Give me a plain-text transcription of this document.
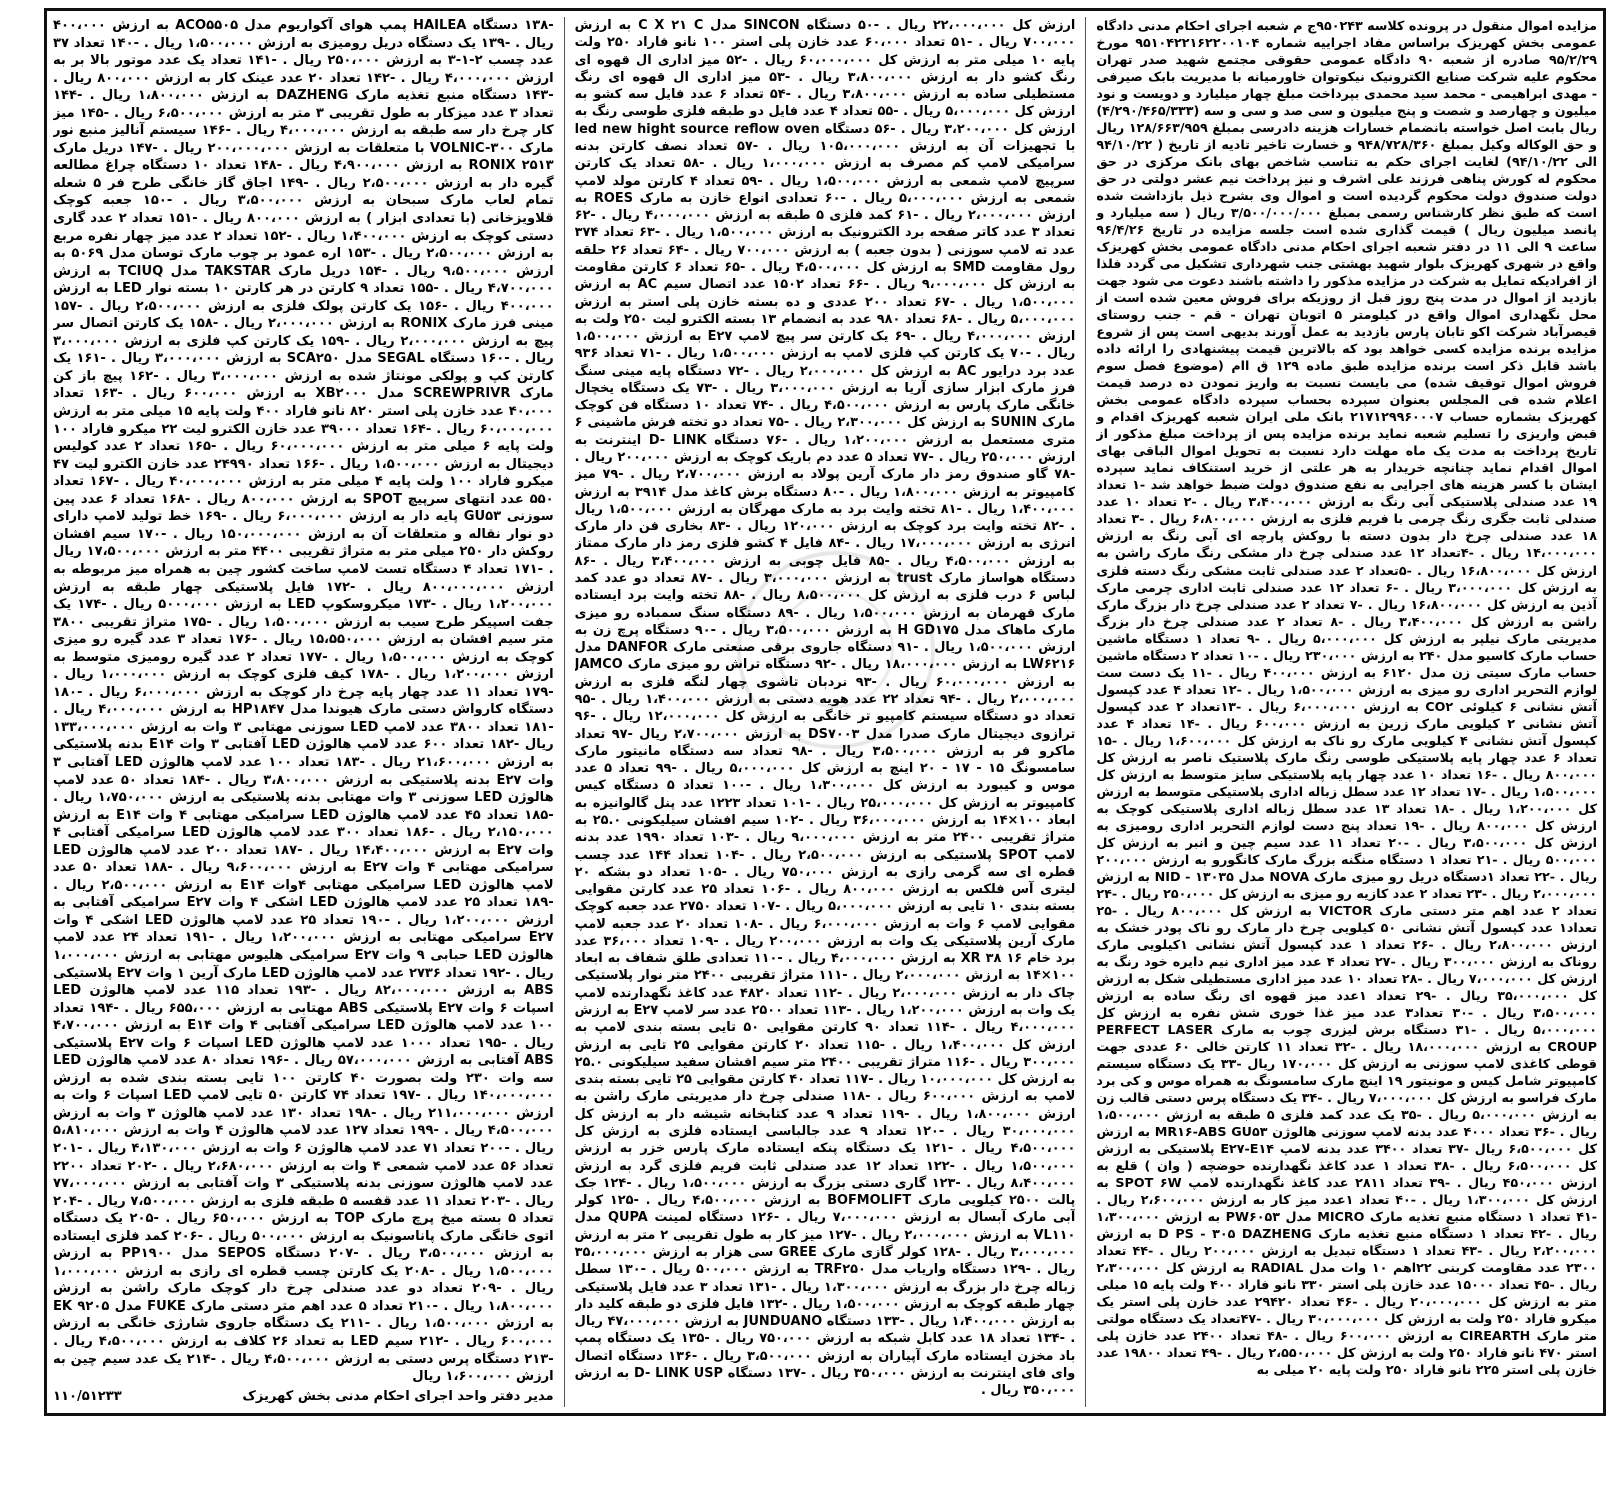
مزایده اموال منقول در پرونده کلاسه ۹۵۰۲۴۳ج م شعبه اجرای احکام مدنی دادگاه عمومی بخش کهریزک براساس مفاد اجراییه شماره ۹۵۱۰۴۲۲۱۶۲۲۰۰۱۰۴ مورخ ۹۵/۲/۲۹ صادره از شعبه ۹۰ دادگاه عمومی حقوقی مجتمع شهید صدر تهران محکوم علیه شرکت صنایع الکترونیک نیکوتوان خاورمیانه با مدیریت بابک صیرفی - مهدی ابراهیمی - محمد سید محمدی بپرداخت مبلغ چهار میلیارد و دویست و نود میلیون و چهارصد و شصت و پنج میلیون و سی صد و سی و سه (۴/۲۹۰/۴۶۵/۳۳۳) ریال بابت اصل خواسته بانضمام خسارات هزینه دادرسی بمبلغ ۱۲۸/۶۶۳/۹۵۹ ریال و حق الوکاله وکیل بمبلغ ۹۴۸/۷۲۸/۳۶۰ و خسارت تاخیر تادیه از تاریخ ( ۹۴/۱۰/۲۲ الی ۹۴/۱۰/۲۲) لغایت اجرای حکم به تناسب شاخص بهای بانک مرکزی در حق محکوم له کورش پناهی فرزند علی اشرف و نیز پرداخت نیم عشر دولتی در حق دولت صندوق دولت محکوم گردیده است و اموال وی بشرح ذیل بازداشت شده است که طبق نظر کارشناس رسمی بمبلغ ۳/۵۰۰/۰۰۰/۰۰۰ ریال ( سه میلیارد و پانصد میلیون ریال ) قیمت گذاری شده است جلسه مزایده در تاریخ ۹۶/۴/۲۶ ساعت ۹ الی ۱۱ در دفتر شعبه اجرای احکام مدنی دادگاه عمومی بخش کهریزک واقع در شهری کهریزک بلوار شهید بهشتی جنب شهرداری تشکیل می گردد فلذا از افرادیکه تمایل به شرکت در مزایده مذکور را داشته باشند دعوت می شود جهت بازدید از اموال در مدت پنج روز قبل از روزیکه برای فروش معین شده است از محل نگهداری اموال واقع در کیلومتر ۵ اتوبان تهران - قم - جنب روستای قیصرآباد شرکت اکو تابان پارس بازدید به عمل آورند بدیهی است پس از شروع مزایده برنده مزایده کسی خواهد بود که بالاترین قیمت پیشنهادی را ارائه داده باشد قابل ذکر است برنده مزایده طبق ماده ۱۲۹ ق اام (موضوع فصل سوم فروش اموال توقیف شده) می بایست نسبت به واریز نمودن ده درصد قیمت اعلام شده فی المجلس بعنوان سپرده بحساب سپرده دادگاه عمومی بخش کهریزک بشماره حساب ۲۱۷۱۲۹۹۶۰۰۰۷ بانک ملی ایران شعبه کهریزک اقدام و قبض واریزی را تسلیم شعبه نماید برنده مزایده پس از پرداخت مبلغ مذکور از تاریخ پرداخت به مدت یک ماه مهلت دارد نسبت به تحویل اموال الباقی بهای اموال اقدام نماید چنانچه خریدار به هر علتی از خرید استنکاف نماید سپرده ایشان با کسر هزینه های اجرایی به نفع صندوق دولت ضبط خواهد شد -۱ تعداد ۱۹ عدد صندلی پلاستیکی آبی رنگ به ارزش ۳،۴۰۰،۰۰۰ ریال . -۲ تعداد ۱۰ عدد صندلی ثابت جگری رنگ چرمی با فریم فلزی به ارزش ۶،۸۰۰،۰۰۰ ریال . -۳ تعداد ۱۸ عدد صندلی چرخ دار بدون دسته با روکش پارچه ای آبی رنگ به ارزش ۱۴،۰۰۰،۰۰۰ ریال . -۴تعداد ۱۲ عدد صندلی چرخ دار مشکی رنگ مارک راشن به ارزش کل ۱۶،۸۰۰،۰۰۰ ریال . -۵تعداد ۲ عدد صندلی ثابت مشکی رنگ دسته فلزی به ارزش کل ۳،۰۰۰،۰۰۰ ریال . -۶ تعداد ۱۲ عدد صندلی ثابت اداری چرمی مارک آذین به ارزش کل ۱۶،۸۰۰،۰۰۰ ریال . -۷ تعداد ۲ عدد صندلی چرخ دار بزرگ مارک راشن به ارزش کل ۳،۴۰۰،۰۰۰ ریال . -۸ تعداد ۲ عدد صندلی چرخ دار بزرگ مدیریتی مارک نیلپر به ارزش کل ۵،۰۰۰،۰۰۰ ریال . -۹ تعداد ۱ دستگاه ماشین حساب مارک کاسیو مدل ۲۴۰ به ارزش ۲۳۰،۰۰۰ ریال . -۱۰ تعداد ۲ دستگاه ماشین حساب مارک سیتی زن مدل ۶۱۲۰ به ارزش ۴۰۰،۰۰۰ ریال . -۱۱ یک دست ست لوازم التحریر اداری رو میزی به ارزش ۱،۵۰۰،۰۰۰ ریال . -۱۲ تعداد ۴ عدد کپسول آتش نشانی ۶ کیلوئی CO۲ به ارزش ۶،۰۰۰،۰۰۰ ریال . -۱۳تعداد ۲ عدد کپسول آتش نشانی ۲ کیلویی مارک زرین به ارزش ۶۰۰،۰۰۰ ریال . -۱۴ تعداد ۴ عدد کپسول آتش نشانی ۴ کیلویی مارک رو ناک به ارزش کل ۱،۶۰۰،۰۰۰ ریال . -۱۵ تعداد ۶ عدد چهار پایه پلاستیکی طوسی رنگ مارک پلاستیک ناصر به ارزش کل ۸۰۰،۰۰۰ ریال . -۱۶ تعداد ۱۰ عدد چهار پایه پلاستیکی سایز متوسط به ارزش کل ۱،۵۰۰،۰۰۰ ریال . -۱۷ تعداد ۱۲ عدد سطل زباله اداری پلاستیکی متوسط به ارزش کل ۱،۲۰۰،۰۰۰ ریال . -۱۸ تعداد ۱۳ عدد سطل زباله اداری پلاستیکی کوچک به ارزش کل ۸۰۰،۰۰۰ ریال . -۱۹ تعداد پنج دست لوازم التحریر اداری رومیزی به ارزش کل ۳،۵۰۰،۰۰۰ ریال . -۲۰ تعداد ۱۱ عدد سیم چین و انبر به ارزش کل ۵۰۰،۰۰۰ ریال . -۲۱ تعداد ۱ دستگاه منگنه بزرگ مارک کانگورو به ارزش ۲۰۰،۰۰۰ ریال . -۲۲ تعداد ۱دستگاه دریل رو میزی مارک NOVA مدل NID - ۱۳۰۳۵ به ارزش ۲،۰۰۰،۰۰۰ ریال . -۲۳ تعداد ۲ عدد کازیه رو میزی به ارزش کل ۲۵۰،۰۰۰ ریال . -۲۴ تعداد ۲ عدد اهم متر دستی مارک VICTOR به ارزش کل ۸۰۰،۰۰۰ ریال . -۲۵ تعداد۱ عدد کپسول آتش نشانی ۵۰ کیلویی چرخ دار مارک رو ناک پودر خشک به ارزش ۲،۸۰۰،۰۰۰ ریال . -۲۶ تعداد ۱ عدد کپسول آتش نشانی ۱کیلویی مارک روناک به ارزش ۳۰۰،۰۰۰ ریال . -۲۷ تعداد ۴ عدد میز اداری نیم دایره خود رنگ به ارزش کل ۷،۰۰۰،۰۰۰ ریال . -۲۸ تعداد ۱۰ عدد میز اداری مستطیلی شکل به ارزش کل ۳۵،۰۰۰،۰۰۰ ریال . -۲۹ تعداد ۱عدد میز قهوه ای رنگ ساده به ارزش ۳،۵۰۰،۰۰۰ ریال . -۳۰ تعداد۳ عدد میز غذا خوری شش نفره به ارزش کل ۵،۰۰۰،۰۰۰ ریال . -۳۱ دستگاه برش لیزری چوب به مارک PERFECT LASER CROUP به ارزش ۱۸،۰۰۰،۰۰۰ ریال . -۳۲ تعداد ۱۱ کارتن خالی ۶۰ عددی جهت قوطی کاغذی لامپ سوزنی به ارزش کل ۱۷۰،۰۰۰ ریال -۳۳ یک دستگاه سیستم کامپیوتر شامل کیس و مونیتور ۱۹ اینچ مارک سامسونگ به همراه موس و کی برد مارک فراسو به ارزش کل ۷،۰۰۰،۰۰۰ ریال . -۳۴ یک دستگاه پرس دستی قالب زن به ارزش ۵،۰۰۰،۰۰۰ ریال . -۳۵ یک عدد کمد فلزی ۵ طبقه به ارزش ۱،۵۰۰،۰۰۰ ریال . -۳۶ تعداد ۴۰۰۰ عدد بدنه لامپ سوزنی هالوژن MR۱۶-ABS GU۵۳ به ارزش کل ۶،۵۰۰،۰۰۰ ریال -۳۷ تعداد ۳۴۰۰ عدد بدنه لامپ E۲۷-E۱۴ پلاستیکی به ارزش کل ۶،۵۰۰،۰۰۰ ریال . -۳۸ تعداد ۱ عدد کاغذ نگهدارنده حوضچه ( وان ) قلع به ارزش ۴۵۰،۰۰۰ ریال . -۳۹ تعداد ۲۸۱۱ عدد کاغذ نگهدارنده لامپ SPOT ۶W به ارزش کل ۱،۳۰۰،۰۰۰ ریال . -۴۰ تعداد ۱عدد میز کار به ارزش ۲،۶۰۰،۰۰۰ ریال . -۴۱ تعداد ۱ دستگاه منبع تغذیه مارک MICRO مدل PW۶۰۵۳ به ارزش ۱،۳۰۰،۰۰۰ ریال . -۴۲ تعداد ۱ دستگاه منبع تغذیه مارک D PS - ۳۰۵ DAZHENG به ارزش ۲،۲۰۰،۰۰۰ ریال . -۴۳ تعداد ۱ دستگاه تبدیل به ارزش ۲۰۰،۰۰۰ ریال . -۴۴ تعداد ۲۳۰۰ عدد مقاومت کربنی ۲۲اهم ۱۰ وات مدل RADIAL به ارزش کل ۲،۳۰۰،۰۰۰ ریال . -۴۵ تعداد ۱۵۰۰۰ عدد خازن پلی استر ۳۳۰ نانو فاراد ۴۰۰ ولت پایه ۱۵ میلی متر به ارزش کل ۲۰،۰۰۰،۰۰۰ ریال . -۴۶ تعداد ۲۹۴۲۰ عدد خازن پلی استر یک میکرو فاراد ۲۵۰ ولت به ارزش کل ۳۰،۰۰۰،۰۰۰ ریال . -۴۷تعداد یک دستگاه مولتی متر مارک CIREARTH به ارزش ۶۰۰،۰۰۰ ریال . -۴۸ تعداد ۲۴۰۰ عدد خازن پلی استر ۴۷۰ نانو فاراد ۲۵۰ ولت به ارزش کل ۲،۵۵۰،۰۰۰ ریال . -۴۹ تعداد ۱۹۸۰۰ عدد خازن پلی استر ۲۲۵ نانو فاراد ۲۵۰ ولت پایه ۲۰ میلی به
ارزش کل ۲۲،۰۰۰،۰۰۰ ریال . -۵۰ دستگاه SINCON مدل C X ۲۱ C به ارزش ۷۰۰،۰۰۰ ریال . -۵۱ تعداد ۶۰،۰۰۰ عدد خازن پلی استر ۱۰۰ نانو فاراد ۲۵۰ ولت پایه ۱۰ میلی متر به ارزش کل ۶۰،۰۰۰،۰۰۰ ریال . -۵۲ میز اداری ال قهوه ای رنگ کشو دار به ارزش ۳،۸۰۰،۰۰۰ ریال . -۵۳ میز اداری ال قهوه ای رنگ مستطیلی ساده به ارزش ۳،۸۰۰،۰۰۰ ریال . -۵۴ تعداد ۶ عدد فایل سه کشو به ارزش کل ۵،۰۰۰،۰۰۰ ریال . -۵۵ تعداد ۴ عدد فایل دو طبقه فلزی طوسی رنگ به ارزش کل ۳،۲۰۰،۰۰۰ ریال . -۵۶ دستگاه led new hight source reflow oven با تجهیزات آن به ارزش ۱۰۵،۰۰۰،۰۰۰ ریال . -۵۷ تعداد نصف کارتن بدنه سرامیکی لامپ کم مصرف به ارزش ۱،۰۰۰،۰۰۰ ریال . -۵۸ تعداد یک کارتن سرپیچ لامپ شمعی به ارزش ۱،۵۰۰،۰۰۰ ریال . -۵۹ تعداد ۴ کارتن مولد لامپ شمعی به ارزش ۵،۰۰۰،۰۰۰ ریال . -۶۰ تعدادی انواع خازن به مارک ROES به ارزش ۲،۰۰۰،۰۰۰ ریال . -۶۱ کمد فلزی ۵ طبقه به ارزش ۴،۰۰۰،۰۰۰ ریال . -۶۲ تعداد ۳ عدد کاتر صفحه برد الکترونیک به ارزش ۱،۵۰۰،۰۰۰ ریال . -۶۳ تعداد ۳۷۴ عدد ته لامپ سوزنی ( بدون جعبه ) به ارزش ۷۰۰،۰۰۰ ریال . -۶۴ تعداد ۲۶ حلقه رول مقاومت SMD به ارزش کل ۴،۵۰۰،۰۰۰ ریال . -۶۵ تعداد ۶ کارتن مقاومت به ارزش کل ۹،۰۰۰،۰۰۰ ریال . -۶۶ تعداد ۱۵۰۲ عدد اتصال سیم AC به ارزش ۱،۵۰۰،۰۰۰ ریال . -۶۷ تعداد ۲۰۰ عددی و ده بسته خازن پلی استر به ارزش ۵،۰۰۰،۰۰۰ ریال . -۶۸ تعداد ۹۸۰ عدد به انضمام ۱۳ بسته الکترو لیت ۲۵۰ ولت به ارزش ۴،۰۰۰،۰۰۰ ریال . -۶۹ یک کارتن سر پیچ لامپ E۲۷ به ارزش ۱،۵۰۰،۰۰۰ ریال . -۷۰ یک کارتن کپ فلزی لامپ به ارزش ۱،۵۰۰،۰۰۰ ریال . -۷۱ تعداد ۹۳۶ عدد برد درایور AC به ارزش کل ۲،۰۰۰،۰۰۰ ریال . -۷۲ دستگاه پایه مینی سنگ فرز مارک ابزار سازی آریا به ارزش ۳،۰۰۰،۰۰۰ ریال . -۷۳ یک دستگاه یخچال خانگی مارک پارس به ارزش ۴،۵۰۰،۰۰۰ ریال . -۷۴ تعداد ۱۰ دستگاه فن کوچک مارک SUNIN به ارزش کل ۲،۳۰۰،۰۰۰ ریال . -۷۵ تعداد دو تخته فرش ماشینی ۶ متری مستعمل به ارزش ۱،۲۰۰،۰۰۰ ریال . -۷۶ دستگاه D- LINK اینترنت به ارزش ۲۵۰،۰۰۰ ریال . -۷۷ تعداد ۵ عدد دم باریک کوچک به ارزش ۲۰۰،۰۰۰ ریال . -۷۸ گاو صندوق رمز دار مارک آرین پولاد به ارزش ۲،۷۰۰،۰۰۰ ریال . -۷۹ میز کامپیوتر به ارزش ۱،۸۰۰،۰۰۰ ریال . -۸۰ دستگاه برش کاغذ مدل ۳۹۱۴ به ارزش ۱،۴۰۰،۰۰۰ ریال . -۸۱ تخته وایت برد به مارک مهرگان به ارزش ۱،۵۰۰،۰۰۰ ریال . -۸۲ تخته وایت برد کوچک به ارزش ۱۲۰،۰۰۰ ریال . -۸۳ بخاری فن دار مارک انرژی به ارزش ۱۷،۰۰۰،۰۰۰ ریال . -۸۴ فایل ۴ کشو فلزی رمز دار مارک ممتاز به ارزش ۴،۵۰۰،۰۰۰ ریال . -۸۵ فایل چوبی به ارزش ۳،۴۰۰،۰۰۰ ریال . -۸۶ دستگاه هواساز مارک trust به ارزش ۳،۰۰۰،۰۰۰ ریال . -۸۷ تعداد دو عدد کمد لباس ۶ درب فلزی به ارزش کل ۸،۵۰۰،۰۰۰ ریال . -۸۸ تخته وایت برد ایستاده مارک قهرمان به ارزش ۱،۵۰۰،۰۰۰ ریال . -۸۹ دستگاه سنگ سمباده رو میزی مارک ماهاک مدل H GD۱۷۵ به ارزش ۳،۵۰۰،۰۰۰ ریال . -۹۰ دستگاه پرچ زن به ارزش ۱،۵۰۰،۰۰۰ ریال . -۹۱ دستگاه جاروی برقی صنعتی مارک DANFOR مدل LW۶۲۱۶ به ارزش ۱۸،۰۰۰،۰۰۰ ریال . -۹۲ دستگاه تراش رو میزی مارک JAMCO به ارزش ۶۰،۰۰۰،۰۰۰ ریال . -۹۳ نردبان تاشوی چهار لنگه فلزی به ارزش ۲،۰۰۰،۰۰۰ ریال . -۹۴ تعداد ۲۲ عدد هویه دستی به ارزش ۱،۴۰۰،۰۰۰ ریال . -۹۵ تعداد دو دستگاه سیستم کامپیو تر خانگی به ارزش کل ۱۲،۰۰۰،۰۰۰ ریال . -۹۶ ترازوی دیجیتال مارک صدرا مدل DS۷۰۰۳ به ارزش ۲،۷۰۰،۰۰۰ ریال -۹۷ تعداد ماکرو فر به ارزش ۳،۵۰۰،۰۰۰ ریال . -۹۸ تعداد سه دستگاه مانیتور مارک سامسونگ ۱۵ - ۱۷ - ۲۰ اینچ به ارزش کل ۵،۰۰۰،۰۰۰ ریال . -۹۹ تعداد ۵ عدد موس و کیبورد به ارزش کل ۱،۳۰۰،۰۰۰ ریال . -۱۰۰ تعداد ۵ دستگاه کیس کامپیوتر به ارزش کل ۲۵،۰۰۰،۰۰۰ ریال . -۱۰۱ تعداد ۱۲۲۳ عدد پنل گالوانیزه به ابعاد ۱۰۰×۱۴ به ارزش ۳۶،۰۰۰،۰۰۰ ریال . -۱۰۲ سیم افشان سیلیکونی ۲۵.۰ به متراژ تقریبی ۲۴۰۰ متر به ارزش ۹،۰۰۰،۰۰۰ ریال . -۱۰۳ تعداد ۱۹۹۰ عدد بدنه لامپ SPOT پلاستیکی به ارزش ۲،۵۰۰،۰۰۰ ریال . -۱۰۴ تعداد ۱۴۴ عدد چسب قطره ای سه گرمی رازی به ارزش ۷۵۰،۰۰۰ ریال . -۱۰۵ تعداد دو بشکه ۲۰ لیتری آس فلکس به ارزش ۸۰۰،۰۰۰ ریال . -۱۰۶ تعداد ۲۵ عدد کارتن مقوایی بسته بندی ۱۰ تایی به ارزش ۵،۰۰۰،۰۰۰ ریال . -۱۰۷ تعداد ۲۷۵۰ عدد جعبه کوچک مقوایی لامپ ۶ وات به ارزش ۶،۰۰۰،۰۰۰ ریال . -۱۰۸ تعداد ۲۰ عدد جعبه لامپ مارک آرین پلاستیکی یک وات به ارزش ۲۰۰،۰۰۰ ریال . -۱۰۹ تعداد ۳۶،۰۰۰ عدد برد خام ۱۶ XR ۳۸ به ارزش ۴،۰۰۰،۰۰۰ ریال . -۱۱۰ تعدادی طلق شفاف به ابعاد ۱۰۰×۱۴ به ارزش ۲،۰۰۰،۰۰۰ ریال . -۱۱۱ متراژ تقریبی ۲۴۰۰ متر نوار پلاستیکی چاک دار به ارزش ۲،۰۰۰،۰۰۰ ریال . -۱۱۲ تعداد ۴۸۲۰ عدد کاغذ نگهدارنده لامپ یک وات به ارزش ۱،۲۰۰،۰۰۰ ریال . -۱۱۳ تعداد ۲۵۰۰ عدد سر لامپ E۲۷ به ارزش ۴،۰۰۰،۰۰۰ ریال . -۱۱۴ تعداد ۹۰ کارتن مقوایی ۵۰ تایی بسته بندی لامپ به ارزش کل ۱،۴۰۰،۰۰۰ ریال . -۱۱۵ تعداد ۲۰ کارتن مقوایی ۲۵ تایی به ارزش ۳۰۰،۰۰۰ ریال . -۱۱۶ متراژ تقریبی ۲۴۰۰ متر سیم افشان سفید سیلیکونی ۲۵.۰ به ارزش کل ۱۰،۰۰۰،۰۰۰ ریال . -۱۱۷ تعداد ۴۰ کارتن مقوایی ۲۵ تایی بسته بندی لامپ به ارزش ۶۰۰،۰۰۰ ریال . -۱۱۸ صندلی چرخ دار مدیریتی مارک راشن به ارزش ۱،۸۰۰،۰۰۰ ریال . -۱۱۹ تعداد ۹ عدد کتابخانه شیشه دار به ارزش کل ۳۰،۰۰۰،۰۰۰ ریال . -۱۲۰ تعداد ۹ عدد جالباسی ایستاده فلزی به ارزش کل ۴،۵۰۰،۰۰۰ ریال . -۱۲۱ یک دستگاه پنکه ایستاده مارک پارس خزر به ارزش ۱،۵۰۰،۰۰۰ ریال . -۱۲۲ تعداد ۱۲ عدد صندلی ثابت فریم فلزی گرد به ارزش ۸،۴۰۰،۰۰۰ ریال . -۱۲۳ گاری دستی بزرگ به ارزش ۱،۵۰۰،۰۰۰ ریال . -۱۲۴ جک پالت ۲۵۰۰ کیلویی مارک BOFMOLIFT به ارزش ۴،۵۰۰،۰۰۰ ریال . -۱۲۵ کولر آبی مارک آبسال به ارزش ۷،۰۰۰،۰۰۰ ریال . -۱۲۶ دستگاه لمینت QUPA مدل VL۱۱۰ به ارزش ۲،۰۰۰،۰۰۰ ریال . -۱۲۷ میز کار به طول تقریبی ۲ متر به ارزش ۳،۰۰۰،۰۰۰ ریال . -۱۲۸ کولر گازی مارک GREE سی هزار به ارزش ۳۵،۰۰۰،۰۰۰ ریال . -۱۲۹ دستگاه واریاب مدل TRF۲۵۰ به ارزش ۵۰۰،۰۰۰ ریال . -۱۳۰ سطل زباله چرخ دار بزرگ به ارزش ۱،۳۰۰،۰۰۰ ریال . -۱۳۱ تعداد ۳ عدد فایل پلاستیکی چهار طبقه کوچک به ارزش ۱،۵۰۰،۰۰۰ ریال . -۱۳۲ فایل فلزی دو طبقه کلید دار به ارزش ۱،۴۰۰،۰۰۰ ریال . -۱۳۳ دستگاه JUNDUANO به ارزش ۴۷،۰۰۰،۰۰۰ ریال . -۱۳۴ تعداد ۱۸ عدد کابل شبکه به ارزش ۷۵۰،۰۰۰ ریال . -۱۳۵ یک دستگاه پمپ باد مخزن ایستاده مارک آپیاران به ارزش ۳،۵۰۰،۰۰۰ ریال . -۱۳۶ دستگاه اتصال وای فای اینترنت به ارزش ۳۵۰،۰۰۰ ریال . -۱۳۷ دستگاه D- LINK USP به ارزش ۳۵۰،۰۰۰ ریال .
-۱۳۸ دستگاه HAILEA پمپ هوای آکواریوم مدل ACO۵۵۰۵ به ارزش ۴۰۰،۰۰۰ ریال . -۱۳۹ یک دستگاه دریل رومیزی به ارزش ۱،۵۰۰،۰۰۰ ریال . -۱۴۰ تعداد ۳۷ عدد چسب ۲-۱-۳ به ارزش ۲۵۰،۰۰۰ ریال . -۱۴۱ تعداد یک عدد موتور بالا بر به ارزش ۴،۰۰۰،۰۰۰ ریال . -۱۴۲ تعداد ۲۰ عدد عینک کار به ارزش ۸۰۰،۰۰۰ ریال . -۱۴۳ دستگاه منبع تغذیه مارک DAZHENG به ارزش ۱،۸۰۰،۰۰۰ ریال . -۱۴۴ تعداد ۳ عدد میزکار به طول تقریبی ۳ متر به ارزش ۶،۵۰۰،۰۰۰ ریال . -۱۴۵ میز کار چرخ دار سه طبقه به ارزش ۴،۰۰۰،۰۰۰ ریال . -۱۴۶ سیستم آنالیز منبع نور مارک VOLNIC-۳۰۰ با متعلقات به ارزش ۲۰۰،۰۰۰،۰۰۰ ریال . -۱۴۷ دریل مارک RONIX ۲۵۱۳ به ارزش ۴،۹۰۰،۰۰۰ ریال . -۱۴۸ تعداد ۱۰ دستگاه چراغ مطالعه گیره دار به ارزش ۲،۵۰۰،۰۰۰ ریال . -۱۴۹ اجاق گاز خانگی طرح فر ۵ شعله تمام لعاب مارک سبحان به ارزش ۳،۵۰۰،۰۰۰ ریال . -۱۵۰ جعبه کوچک قلاویزخانی (با تعدادی ابزار ) به ارزش ۸۰۰،۰۰۰ ریال . -۱۵۱ تعداد ۲ عدد گاری دستی کوچک به ارزش ۱،۴۰۰،۰۰۰ ریال . -۱۵۲ تعداد ۲ عدد میز چهار نفره مربع به ارزش ۲،۵۰۰،۰۰۰ ریال . -۱۵۳ اره عمود بر چوب مارک توسان مدل ۵۰۶۹ به ارزش ۹،۵۰۰،۰۰۰ ریال . -۱۵۴ دریل مارک TAKSTAR مدل TCIUQ به ارزش ۴،۷۰۰،۰۰۰ ریال . -۱۵۵ تعداد ۹ کارتن در هر کارتن ۱۰ بسته نوار LED به ارزش ۴۰۰،۰۰۰ ریال . -۱۵۶ یک کارتن پولک فلزی به ارزش ۲،۵۰۰،۰۰۰ ریال . -۱۵۷ مینی فرز مارک RONIX به ارزش ۲،۰۰۰،۰۰۰ ریال . -۱۵۸ یک کارتن اتصال سر پیچ به ارزش ۲،۰۰۰،۰۰۰ ریال . -۱۵۹ یک کارتن کپ فلزی به ارزش ۳،۰۰۰،۰۰۰ ریال . -۱۶۰ دستگاه SEGAL مدل SCA۲۵۰ به ارزش ۳،۰۰۰،۰۰۰ ریال . -۱۶۱ یک کارتن کپ و پولکی مونتاژ شده به ارزش ۳،۰۰۰،۰۰۰ ریال . -۱۶۲ پیچ باز کن مارک SCREWPRIVR مدل XB۲۰۰۰ به ارزش ۶۰۰،۰۰۰ ریال . -۱۶۳ تعداد ۴۰،۰۰۰ عدد خازن پلی استر ۸۲۰ نانو فاراد ۴۰۰ ولت پایه ۱۵ میلی متر به ارزش ۶۰،۰۰۰،۰۰۰ ریال . -۱۶۴ تعداد ۳۹۰۰۰ عدد خازن الکترو لیت ۲۲ میکرو فاراد ۱۰۰ ولت پایه ۶ میلی متر به ارزش ۶۰،۰۰۰،۰۰۰ ریال . -۱۶۵ تعداد ۲ عدد کولیس دیجیتال به ارزش ۱،۵۰۰،۰۰۰ ریال . -۱۶۶ تعداد ۲۴۹۹۰ عدد خازن الکترو لیت ۴۷ میکرو فاراد ۱۰۰ ولت پایه ۴ میلی متر به ارزش ۴۰،۰۰۰،۰۰۰ ریال . -۱۶۷ تعداد ۵۵۰ عدد انتهای سرپیچ SPOT به ارزش ۸۰۰،۰۰۰ ریال . -۱۶۸ تعداد ۶ عدد پین سوزنی GU۵۳ پایه دار به ارزش ۶،۰۰۰،۰۰۰ ریال . -۱۶۹ خط تولید لامپ دارای دو نوار نقاله و متعلقات آن به ارزش ۱۵۰،۰۰۰،۰۰۰ ریال . -۱۷۰ سیم افشان روکش دار ۲۵۰ میلی متر به متراژ تقریبی ۴۴۰۰ متر به ارزش ۱۷،۵۰۰،۰۰۰ ریال . -۱۷۱ تعداد ۴ دستگاه تست لامپ ساخت کشور چین به همراه میز مربوطه به ارزش ۸۰۰،۰۰۰،۰۰۰ ریال . -۱۷۲ فایل پلاستیکی چهار طبقه به ارزش ۱،۲۰۰،۰۰۰ ریال . -۱۷۳ میکروسکوپ LED به ارزش ۵۰۰۰،۰۰۰ ریال . -۱۷۴ یک جفت اسپیکر طرح سیب به ارزش ۱،۵۰۰،۰۰۰ ریال . -۱۷۵ متراژ تقریبی ۳۸۰۰ متر سیم افشان به ارزش ۱۵،۵۵۰،۰۰۰ ریال . -۱۷۶ تعداد ۳ عدد گیره رو میزی کوچک به ارزش ۱،۵۰۰،۰۰۰ ریال . -۱۷۷ تعداد ۲ عدد گیره رومیزی متوسط به ارزش ۱،۲۰۰،۰۰۰ ریال . -۱۷۸ کیف فلزی کوچک به ارزش ۱،۰۰۰،۰۰۰ ریال . -۱۷۹ تعداد ۱۱ عدد چهار پایه چرخ دار کوچک به ارزش ۶،۰۰۰،۰۰۰ ریال . -۱۸۰ دستگاه کارواش دستی مارک هیوندا مدل HP۱۸۴۷ به ارزش ۴،۰۰۰،۰۰۰ ریال . -۱۸۱ تعداد ۳۸۰۰ عدد لامپ LED سوزنی مهتابی ۳ وات به ارزش ۱۳۳،۰۰۰،۰۰۰ ریال -۱۸۲ تعداد ۶۰۰ عدد لامپ هالوژن LED آفتابی ۳ وات E۱۴ بدنه پلاستیکی به ارزش ۲۱،۶۰۰،۰۰۰ ریال . -۱۸۳ تعداد ۱۰۰ عدد لامپ هالوژن LED آفتابی ۳ وات E۲۷ بدنه پلاستیکی به ارزش ۳،۸۰۰،۰۰۰ ریال . -۱۸۴ تعداد ۵۰ عدد لامپ هالوژن LED سوزنی ۳ وات مهتابی بدنه پلاستیکی به ارزش ۱،۷۵۰،۰۰۰ ریال . -۱۸۵ تعداد ۴۵ عدد لامپ هالوژن LED سرامیکی مهتابی ۴ وات E۱۴ به ارزش ۲،۱۵۰،۰۰۰ ریال . -۱۸۶ تعداد ۳۰۰ عدد لامپ هالوژن LED سرامیکی آفتابی ۴ وات E۲۷ به ارزش ۱۴،۴۰۰،۰۰۰ ریال . -۱۸۷ تعداد ۲۰۰ عدد لامپ هالوژن LED سرامیکی مهتابی ۴ وات E۲۷ به ارزش ۹،۶۰۰،۰۰۰ ریال . -۱۸۸ تعداد ۵۰ عدد لامپ هالوژن LED سرامیکی مهتابی ۴وات E۱۴ به ارزش ۲،۵۰۰،۰۰۰ ریال . -۱۸۹ تعداد ۲۵ عدد لامپ هالوژن LED اشکی ۴ وات E۲۷ سرامیکی آفتابی به ارزش ۱،۲۰۰،۰۰۰ ریال . -۱۹۰ تعداد ۲۵ عدد لامپ هالوژن LED اشکی ۴ وات E۲۷ سرامیکی مهتابی به ارزش ۱،۲۰۰،۰۰۰ ریال . -۱۹۱ تعداد ۲۴ عدد لامپ هالوژن LED حبابی ۹ وات E۲۷ سرامیکی هلیوس مهتابی به ارزش ۱،۰۰۰،۰۰۰ ریال . -۱۹۲ تعداد ۲۷۳۶ عدد لامپ هالوژن LED مارک آرین ۱ وات E۲۷ پلاستیکی ABS به ارزش ۸۲،۰۰۰،۰۰۰ ریال . -۱۹۳ تعداد ۱۱۵ عدد لامپ هالوژن LED اسپات ۶ وات E۲۷ پلاستیکی ABS مهتابی به ارزش ۶۵۵،۰۰۰ ریال . -۱۹۴ تعداد ۱۰۰ عدد لامپ هالوژن LED سرامیکی آفتابی ۴ وات E۱۴ به ارزش ۴،۷۰۰،۰۰۰ ریال . -۱۹۵ تعداد ۱۰۰۰ عدد لامپ هالوژن LED اسپات ۶ وات E۲۷ پلاستیکی ABS آفتابی به ارزش ۵۷،۰۰۰،۰۰۰ ریال . -۱۹۶ تعداد ۸۰ عدد لامپ هالوژن LED سه وات ۲۳۰ ولت بصورت ۴۰ کارتن ۱۰۰ تایی بسته بندی شده به ارزش ۱۴۰،۰۰۰،۰۰۰ ریال . -۱۹۷ تعداد ۷۴ کارتن ۵۰ تایی لامپ LED اسپات ۶ وات به ارزش ۲۱۱،۰۰۰،۰۰۰ ریال . -۱۹۸ تعداد ۱۳۰ عدد لامپ هالوژن ۳ وات به ارزش ۴،۵۰۰،۰۰۰ ریال . -۱۹۹ تعداد ۱۲۷ عدد لامپ هالوژن ۴ وات به ارزش ۵،۸۱۰،۰۰۰ ریال . -۲۰۰ تعداد ۷۱ عدد لامپ هالوژن ۶ وات به ارزش ۴،۱۳۰،۰۰۰ ریال . -۲۰۱ تعداد ۵۶ عدد لامپ شمعی ۴ وات به ارزش ۲،۶۸۰،۰۰۰ ریال . -۲۰۲ تعداد ۲۲۰۰ عدد لامپ هالوژن سوزنی بدنه پلاستیکی ۳ وات آفتابی به ارزش ۷۷،۰۰۰،۰۰۰ ریال . -۲۰۳ تعداد ۱۱ عدد قفسه ۵ طبقه فلزی به ارزش ۷،۵۰۰،۰۰۰ ریال . -۲۰۴ تعداد ۵ بسته میخ پرچ مارک TOP به ارزش ۶۵۰،۰۰۰ ریال . -۲۰۵ یک دستگاه اتوی خانگی مارک پاناسونیک به ارزش ۵۰۰،۰۰۰ ریال . -۲۰۶ کمد فلزی ایستاده به ارزش ۳،۵۰۰،۰۰۰ ریال . -۲۰۷ دستگاه SEPOS مدل PP۱۹۰۰ به ارزش ۱،۵۰۰،۰۰۰ ریال . -۲۰۸ یک کارتن چسب قطره ای رازی به ارزش ۱،۰۰۰،۰۰۰ ریال . -۲۰۹ تعداد دو عدد صندلی چرخ دار کوچک مارک راشن به ارزش ۱،۸۰۰،۰۰۰ ریال . -۲۱۰ تعداد ۵ عدد اهم متر دستی مارک FUKE مدل EK ۹۲۰۵ به ارزش ۱،۵۰۰،۰۰۰ ریال . -۲۱۱ یک دستگاه جاروی شارژی خانگی به ارزش ۶۰۰،۰۰۰ ریال . -۲۱۲ سیم LED به تعداد ۲۶ کلاف به ارزش ۴،۵۰۰،۰۰۰ ریال . -۲۱۳ دستگاه پرس دستی به ارزش ۴،۵۰۰،۰۰۰ ریال . -۲۱۴ یک عدد سیم چین به ارزش ۱،۶۰۰،۰۰۰ ریال
مدیر دفتر واحد اجرای احکام مدنی بخش کهریزک
۱۱۰/۵۱۲۳۳
